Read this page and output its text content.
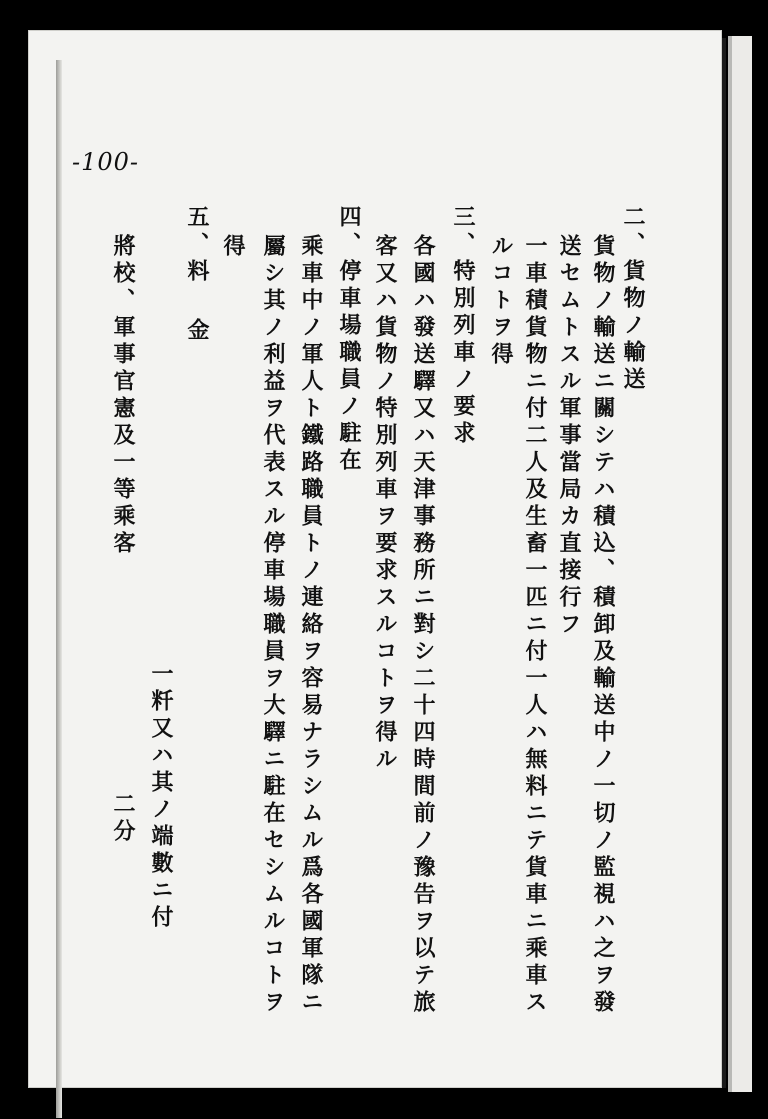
-100-
二、貨物ノ輸送
貨物ノ輸送ニ關シテハ積込、積卸及輸送中ノ一切ノ監視ハ之ヲ發
送セムトスル軍事當局カ直接行フ
一車積貨物ニ付二人及生畜一匹ニ付一人ハ無料ニテ貨車ニ乘車ス
ルコトヲ得
三、特別列車ノ要求
各國ハ發送驛又ハ天津事務所ニ對シ二十四時間前ノ豫告ヲ以テ旅
客又ハ貨物ノ特別列車ヲ要求スルコトヲ得ル
四、停車場職員ノ駐在
乘車中ノ軍人ト鐵路職員トノ連絡ヲ容易ナラシムル爲各國軍隊ニ
屬シ其ノ利益ヲ代表スル停車場職員ヲ大驛ニ駐在セシムルコトヲ
得
五、料
金
一粁又ハ其ノ端數ニ付
將校、軍事官憲及一等乘客
二分
